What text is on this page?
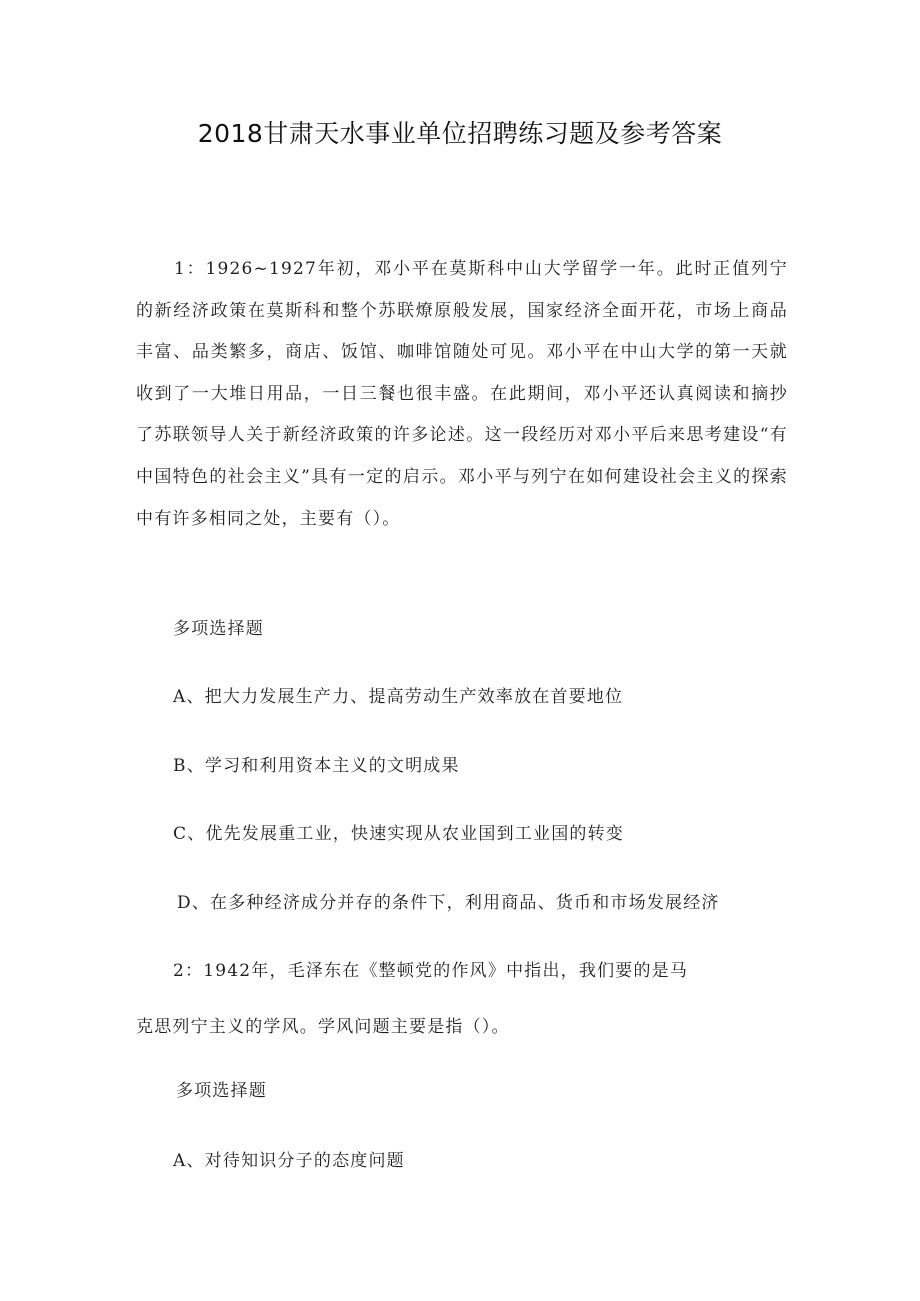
2018甘肃天水事业单位招聘练习题及参考答案

1：1926~1927年初，邓小平在莫斯科中山大学留学一年。此时正值列宁的新经济政策在莫斯科和整个苏联燎原般发展，国家经济全面开花，市场上商品丰富、品类繁多，商店、饭馆、咖啡馆随处可见。邓小平在中山大学的第一天就收到了一大堆日用品，一日三餐也很丰盛。在此期间，邓小平还认真阅读和摘抄了苏联领导人关于新经济政策的许多论述。这一段经历对邓小平后来思考建设“有中国特色的社会主义”具有一定的启示。邓小平与列宁在如何建设社会主义的探索中有许多相同之处，主要有（）。

多项选择题

A、把大力发展生产力、提高劳动生产效率放在首要地位

B、学习和利用资本主义的文明成果

C、优先发展重工业，快速实现从农业国到工业国的转变

D、在多种经济成分并存的条件下，利用商品、货币和市场发展经济

2：1942年，毛泽东在《整顿党的作风》中指出，我们要的是马

克思列宁主义的学风。学风问题主要是指（）。

多项选择题

A、对待知识分子的态度问题
